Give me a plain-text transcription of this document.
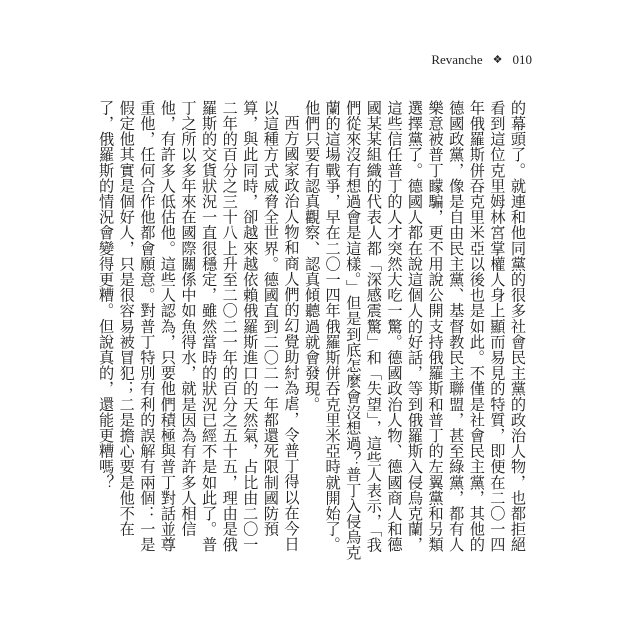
Revanche ❖ 010

的幕頭了。就連和他同黨的很多社會民主黨的政治人物，也都拒絕看到這位克里姆林宮掌權人身上顯而易見的特質，即便在二〇一四年俄羅斯併吞克里米亞以後也是如此。不僅是社會民主黨，其他的德國政黨，像是自由民主黨、基督教民主聯盟，甚至綠黨，都有人樂意被普丁矇騙，更不用說公開支持俄羅斯和普丁的左翼黨和另類選擇黨了。德國人都在說這個人的好話，等到俄羅斯入侵烏克蘭，這些信任普丁的人才突然大吃一驚。德國政治人物、德國商人和德國某某組織的代表人都「深感震驚」和「失望」，這些人表示，「我們從來沒有想過會是這樣。」但是到底怎麼會沒想過？普丁入侵烏克蘭的這場戰爭，早在二〇一四年俄羅斯併吞克里米亞時就開始了。他們只要有認真觀察、認真傾聽過就會發現。

西方國家政治人物和商人們的幻覺助紂為虐，令普丁得以在今日以這種方式威脅全世界。德國直到二〇二一年都還死限制國防預算，與此同時，卻越來越依賴俄羅斯進口的天然氣，占比由二〇一二年的百分之三十八上升至二〇二一年的百分之五十五，理由是俄羅斯的交貨狀況一直很穩定，雖然當時的狀況已經不是如此了。普丁之所以多年來在國際關係中如魚得水，就是因為有許多人相信他，有許多人低估他。這些人認為，只要他們積極與普丁對話並尊重他，任何合作他都會願意。對普丁特別有利的誤解有兩個：一是假定他其實是個好人，只是很容易被冒犯；二是擔心要是他不在了，俄羅斯的情況會變得更糟。但說真的，還能更糟嗎？
